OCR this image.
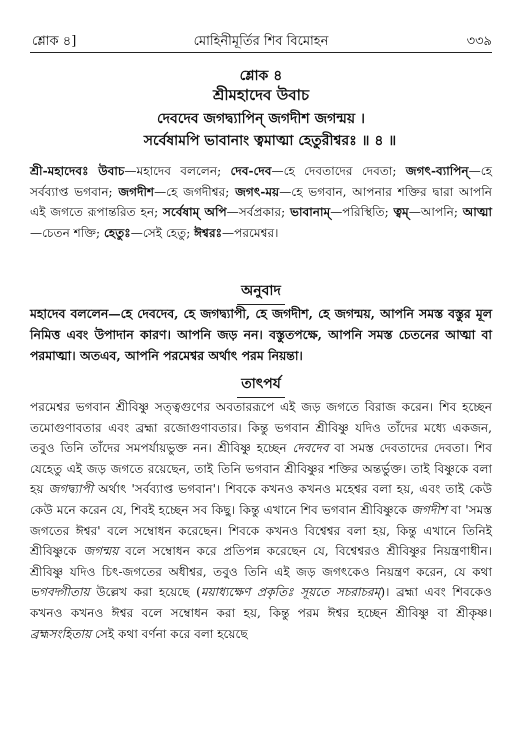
শ্লোক ৪]	মোহিনীমূর্তির শিব বিমোহন	৩৩৯
শ্লোক ৪
শ্রীমহাদেব উবাচ
দেবদেব জগদ্ব্যাপিন্ জগদীশ জগন্ময় ।
সর্বেষামপি ভাবানাং ত্বমাত্মা হেতুরীশ্বরঃ ॥ ৪ ॥
শ্রী-মহাদেবঃ উবাচ—মহাদেব বললেন; দেব-দেব—হে দেবতাদের দেবতা; জগৎ-ব্যাপিন্—হে সর্বব্যাপ্ত ভগবান; জগদীশ—হে জগদীশ্বর; জগৎ-ময়—হে ভগবান, আপনার শক্তির দ্বারা আপনি এই জগতে রূপান্তরিত হন; সর্বেষাম্ অপি—সর্বপ্রকার; ভাবানাম্—পরিস্থিতি; ত্বম্—আপনি; আত্মা—চেতন শক্তি; হেতুঃ—সেই হেতু; ঈশ্বরঃ—পরমেশ্বর।
অনুবাদ
মহাদেব বললেন—হে দেবদেব, হে জগদ্ব্যাপী, হে জগদীশ, হে জগন্ময়, আপনি সমস্ত বস্তুর মূল নিমিত্ত এবং উপাদান কারণ। আপনি জড় নন। বস্তুতপক্ষে, আপনি সমস্ত চেতনের আত্মা বা পরমাত্মা। অতএব, আপনি পরমেশ্বর অর্থাৎ পরম নিয়ন্তা।
তাৎপর্য
পরমেশ্বর ভগবান শ্রীবিষ্ণু সত্ত্বগুণের অবতাররূপে এই জড় জগতে বিরাজ করেন। শিব হচ্ছেন তমোগুণাবতার এবং ব্রহ্মা রজোগুণাবতার। কিন্তু ভগবান শ্রীবিষ্ণু যদিও তাঁদের মধ্যে একজন, তবুও তিনি তাঁদের সমপর্যায়ভুক্ত নন। শ্রীবিষ্ণু হচ্ছেন দেবদেব বা সমস্ত দেবতাদের দেবতা। শিব যেহেতু এই জড় জগতে রয়েছেন, তাই তিনি ভগবান শ্রীবিষ্ণুর শক্তির অন্তর্ভুক্ত। তাই বিষ্ণুকে বলা হয় জগদ্ব্যাপী অর্থাৎ 'সর্বব্যাপ্ত ভগবান'। শিবকে কখনও কখনও মহেশ্বর বলা হয়, এবং তাই কেউ কেউ মনে করেন যে, শিবই হচ্ছেন সব কিছু। কিন্তু এখানে শিব ভগবান শ্রীবিষ্ণুকে জগদীশ বা 'সমস্ত জগতের ঈশ্বর' বলে সম্বোধন করেছেন। শিবকে কখনও বিশ্বেশ্বর বলা হয়, কিন্তু এখানে তিনিই শ্রীবিষ্ণুকে জগন্ময় বলে সম্বোধন করে প্রতিপন্ন করেছেন যে, বিশ্বেশ্বরও শ্রীবিষ্ণুর নিয়ন্ত্রণাধীন। শ্রীবিষ্ণু যদিও চিৎ-জগতের অধীশ্বর, তবুও তিনি এই জড় জগৎকেও নিয়ন্ত্রণ করেন, যে কথা ভগবদ্গীতায় উল্লেখ করা হয়েছে (ময়াধ্যক্ষেণ প্রকৃতিঃ সূয়তে সচরাচরম্)। ব্রহ্মা এবং শিবকেও কখনও কখনও ঈশ্বর বলে সম্বোধন করা হয়, কিন্তু পরম ঈশ্বর হচ্ছেন শ্রীবিষ্ণু বা শ্রীকৃষ্ণ। ব্রহ্মসংহিতায় সেই কথা বর্ণনা করে বলা হয়েছে
